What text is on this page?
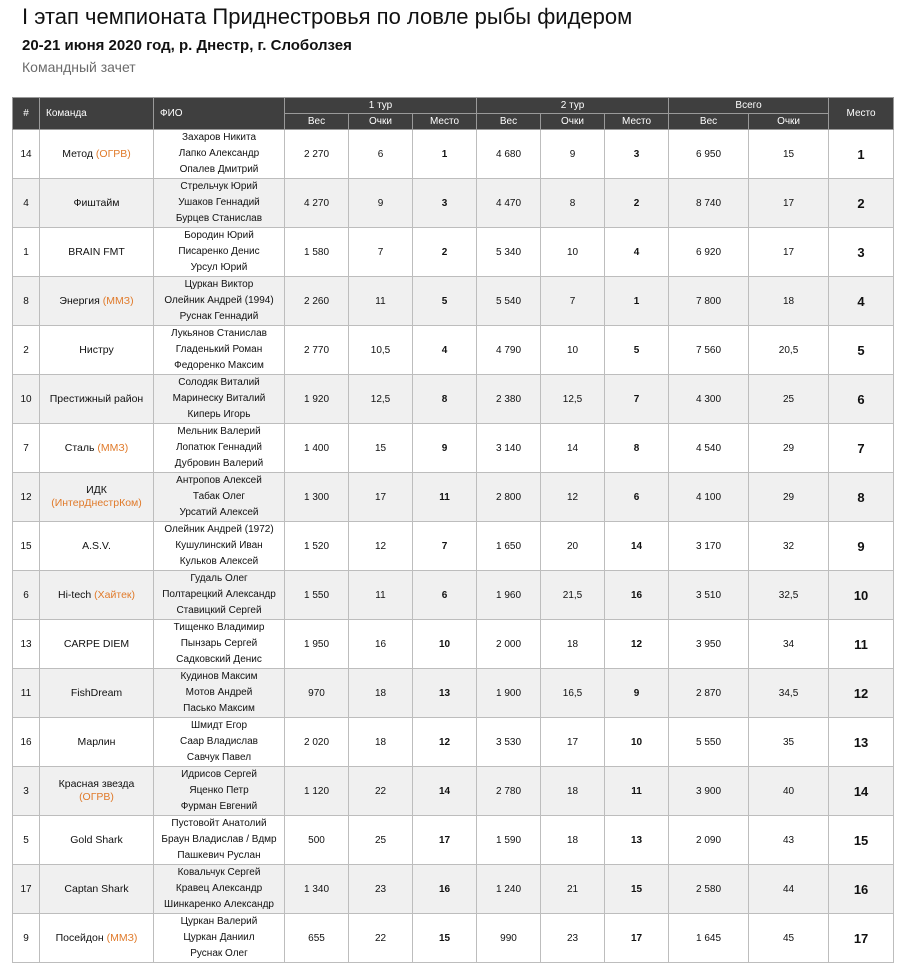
I этап чемпионата Приднестровья по ловле рыбы фидером
20-21 июня 2020 год, р. Днестр, г. Слоболзея
Командный зачет
#	Команда	ФИО	1 тур			2 тур			Всего		Место
			Вес	Очки	Место	Вес	Очки	Место	Вес	Очки	
14	Метод (ОГРВ)	Захаров Никита
Лапко Александр
Опалев Дмитрий	2 270	6	1	4 680	9	3	6 950	15	1
4	Фиштайм	Стрельчук Юрий
Ушаков Геннадий
Бурцев Станислав	4 270	9	3	4 470	8	2	8 740	17	2
1	BRAIN FMT	Бородин Юрий
Писаренко Денис
Урсул Юрий	1 580	7	2	5 340	10	4	6 920	17	3
8	Энергия (ММЗ)	Цуркан Виктор
Олейник Андрей (1994)
Руснак Геннадий	2 260	11	5	5 540	7	1	7 800	18	4
2	Нистру	Лукьянов Станислав
Гладенький Роман
Федоренко Максим	2 770	10,5	4	4 790	10	5	7 560	20,5	5
10	Престижный район	Солодяк Виталий
Маринеску Виталий
Киперь Игорь	1 920	12,5	8	2 380	12,5	7	4 300	25	6
7	Сталь (ММЗ)	Мельник Валерий
Лопатюк Геннадий
Дубровин Валерий	1 400	15	9	3 140	14	8	4 540	29	7
12	ИДК
(ИнтерДнестрКом)	Антропов Алексей
Табак Олег
Урсатий Алексей	1 300	17	11	2 800	12	6	4 100	29	8
15	A.S.V.	Олейник Андрей (1972)
Кушулинский Иван
Кульков Алексей	1 520	12	7	1 650	20	14	3 170	32	9
6	Hi-tech (Хайтек)	Гудаль Олег
Полтарецкий Александр
Ставицкий Сергей	1 550	11	6	1 960	21,5	16	3 510	32,5	10
13	CARPE DIEM	Тищенко Владимир
Пынзарь Сергей
Садковский Денис	1 950	16	10	2 000	18	12	3 950	34	11
11	FishDream	Кудинов Максим
Мотов Андрей
Пасько Максим	970	18	13	1 900	16,5	9	2 870	34,5	12
16	Марлин	Шмидт Егор
Саар Владислав
Савчук Павел	2 020	18	12	3 530	17	10	5 550	35	13
3	Красная звезда
(ОГРВ)	Идрисов Сергей
Яценко Петр
Фурман Евгений	1 120	22	14	2 780	18	11	3 900	40	14
5	Gold Shark	Пустовойт Анатолий
Браун Владислав / Вдмр
Пашкевич Руслан	500	25	17	1 590	18	13	2 090	43	15
17	Captan Shark	Ковальчук Сергей
Кравец Александр
Шинкаренко Александр	1 340	23	16	1 240	21	15	2 580	44	16
9	Посейдон (ММЗ)	Цуркан Валерий
Цуркан Даниил
Руснак Олег	655	22	15	990	23	17	1 645	45	17
